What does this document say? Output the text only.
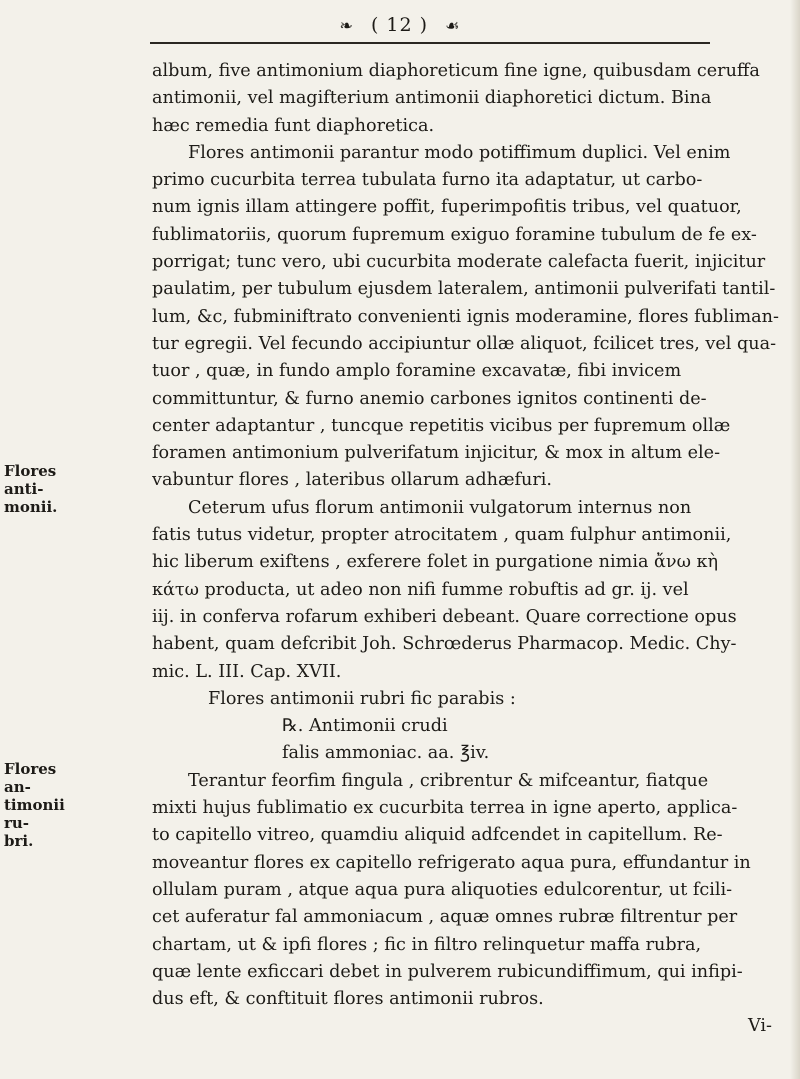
❧ ( 12 ) ☙
Flores anti-
monii.
Flores an-
timonii ru-
bri.
album, five antimonium diaphoreticum fine igne, quibusdam ceruffa
antimonii, vel magifterium antimonii diaphoretici dictum. Bina
hæc remedia funt diaphoretica.
Flores antimonii parantur modo potiffimum duplici. Vel enim
primo cucurbita terrea tubulata furno ita adaptatur, ut carbo-
num ignis illam attingere poffit, fuperimpofitis tribus, vel quatuor,
fublimatoriis, quorum fupremum exiguo foramine tubulum de fe ex-
porrigat; tunc vero, ubi cucurbita moderate calefacta fuerit, injicitur
paulatim, per tubulum ejusdem lateralem, antimonii pulverifati tantil-
lum, &c, fubminiftrato convenienti ignis moderamine, flores fubliman-
tur egregii. Vel fecundo accipiuntur ollæ aliquot, fcilicet tres, vel qua-
tuor , quæ, in fundo amplo foramine excavatæ, fibi invicem
committuntur, & furno anemio carbones ignitos continenti de-
center adaptantur , tuncque repetitis vicibus per fupremum ollæ
foramen antimonium pulverifatum injicitur, & mox in altum ele-
vabuntur flores , lateribus ollarum adhæfuri.
Ceterum ufus florum antimonii vulgatorum internus non
fatis tutus videtur, propter atrocitatem , quam fulphur antimonii,
hic liberum exiftens , exferere folet in purgatione nimia ἄνω κὴ
κάτω producta, ut adeo non nifi fumme robuftis ad gr. ij. vel
iij. in conferva rofarum exhiberi debeant. Quare correctione opus
habent, quam defcribit Joh. Schrœderus Pharmacop. Medic. Chy-
mic. L. III. Cap. XVII.
Flores antimonii rubri fic parabis :
℞. Antimonii crudi
falis ammoniac. aa. ℥iv.
Terantur feorfim fingula , cribrentur & mifceantur, fiatque
mixti hujus fublimatio ex cucurbita terrea in igne aperto, applica-
to capitello vitreo, quamdiu aliquid adfcendet in capitellum. Re-
moveantur flores ex capitello refrigerato aqua pura, effundantur in
ollulam puram , atque aqua pura aliquoties edulcorentur, ut fcili-
cet auferatur fal ammoniacum , aquæ omnes rubræ filtrentur per
chartam, ut & ipfi flores ; fic in filtro relinquetur maffa rubra,
quæ lente exficcari debet in pulverem rubicundiffimum, qui infipi-
dus eft, & conftituit flores antimonii rubros.
Vi-
